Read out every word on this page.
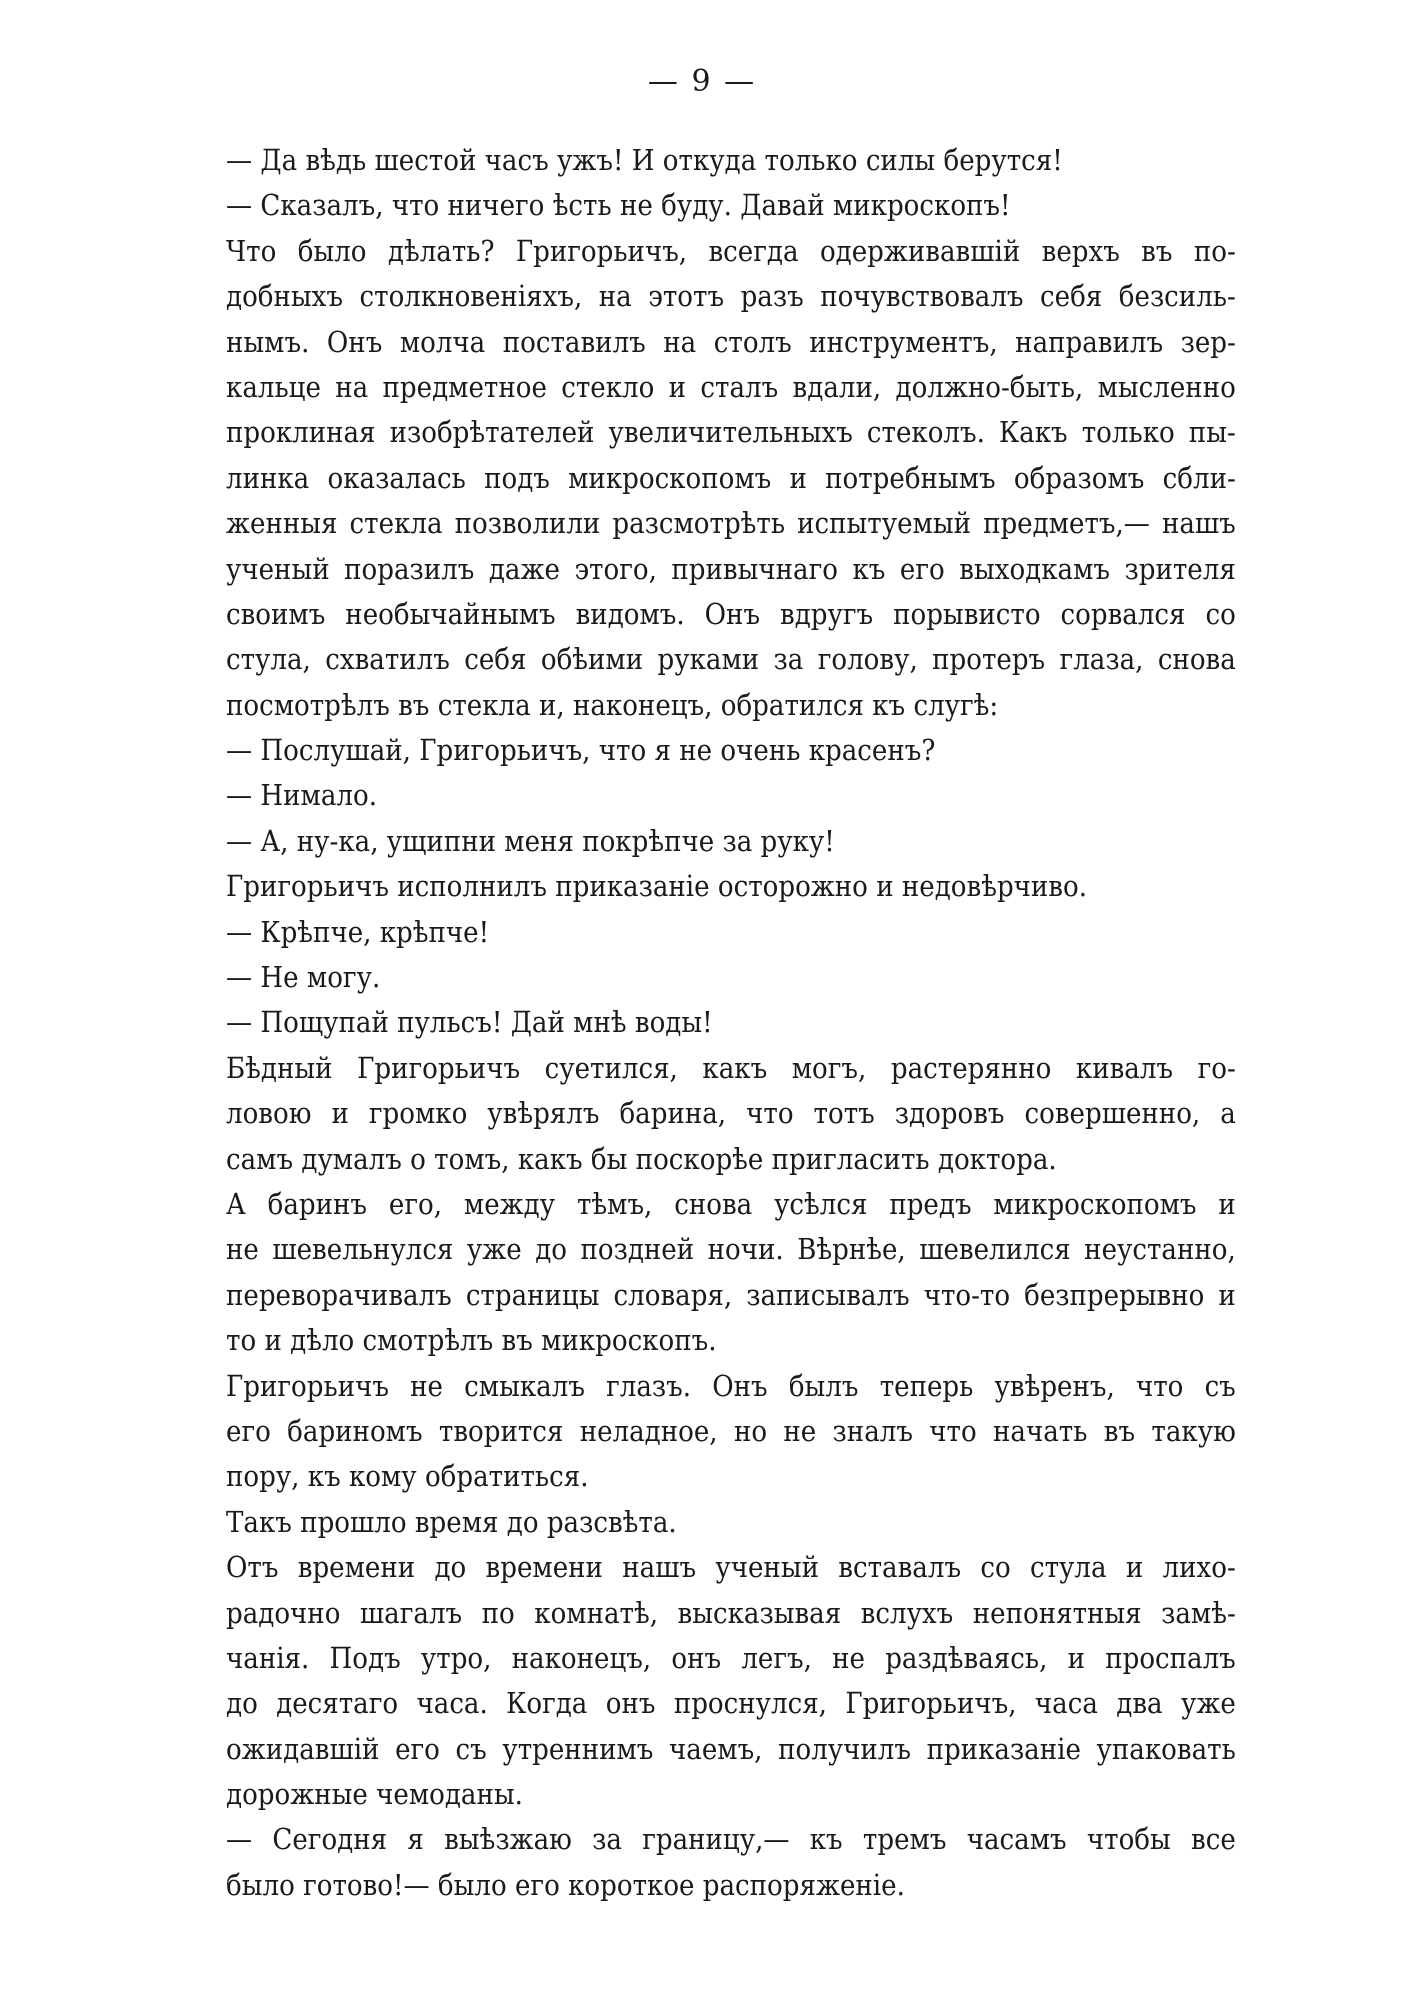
— 9 —
— Да вѣдь шестой часъ ужъ! И откуда только силы берутся!
— Сказалъ, что ничего ѣсть не буду. Давай микроскопъ!
Что было дѣлать? Григорьичъ, всегда одерживавшій верхъ въ по-
добныхъ столкновеніяхъ, на этотъ разъ почувствовалъ себя безсиль-
нымъ. Онъ молча поставилъ на столъ инструментъ, направилъ зер-
кальце на предметное стекло и сталъ вдали, должно-быть, мысленно
проклиная изобрѣтателей увеличительныхъ стеколъ. Какъ только пы-
линка оказалась подъ микроскопомъ и потребнымъ образомъ сбли-
женныя стекла позволили разсмотрѣть испытуемый предметъ,— нашъ
ученый поразилъ даже этого, привычнаго къ его выходкамъ зрителя
своимъ необычайнымъ видомъ. Онъ вдругъ порывисто сорвался со
стула, схватилъ себя обѣими руками за голову, протеръ глаза, снова
посмотрѣлъ въ стекла и, наконецъ, обратился къ слугѣ:
— Послушай, Григорьичъ, что я не очень красенъ?
— Нимало.
— А, ну-ка, ущипни меня покрѣпче за руку!
Григорьичъ исполнилъ приказаніе осторожно и недовѣрчиво.
— Крѣпче, крѣпче!
— Не могу.
— Пощупай пульсъ! Дай мнѣ воды!
Бѣдный Григорьичъ суетился, какъ могъ, растерянно кивалъ го-
ловою и громко увѣрялъ барина, что тотъ здоровъ совершенно, а
самъ думалъ о томъ, какъ бы поскорѣе пригласить доктора.
А баринъ его, между тѣмъ, снова усѣлся предъ микроскопомъ и
не шевельнулся уже до поздней ночи. Вѣрнѣе, шевелился неустанно,
переворачивалъ страницы словаря, записывалъ что-то безпрерывно и
то и дѣло смотрѣлъ въ микроскопъ.
Григорьичъ не смыкалъ глазъ. Онъ былъ теперь увѣренъ, что съ
его бариномъ творится неладное, но не зналъ что начать въ такую
пору, къ кому обратиться.
Такъ прошло время до разсвѣта.
Отъ времени до времени нашъ ученый вставалъ со стула и лихо-
радочно шагалъ по комнатѣ, высказывая вслухъ непонятныя замѣ-
чанія. Подъ утро, наконецъ, онъ легъ, не раздѣваясь, и проспалъ
до десятаго часа. Когда онъ проснулся, Григорьичъ, часа два уже
ожидавшій его съ утреннимъ чаемъ, получилъ приказаніе упаковать
дорожные чемоданы.
— Сегодня я выѣзжаю за границу,— къ тремъ часамъ чтобы все
было готово!— было его короткое распоряженіе.
